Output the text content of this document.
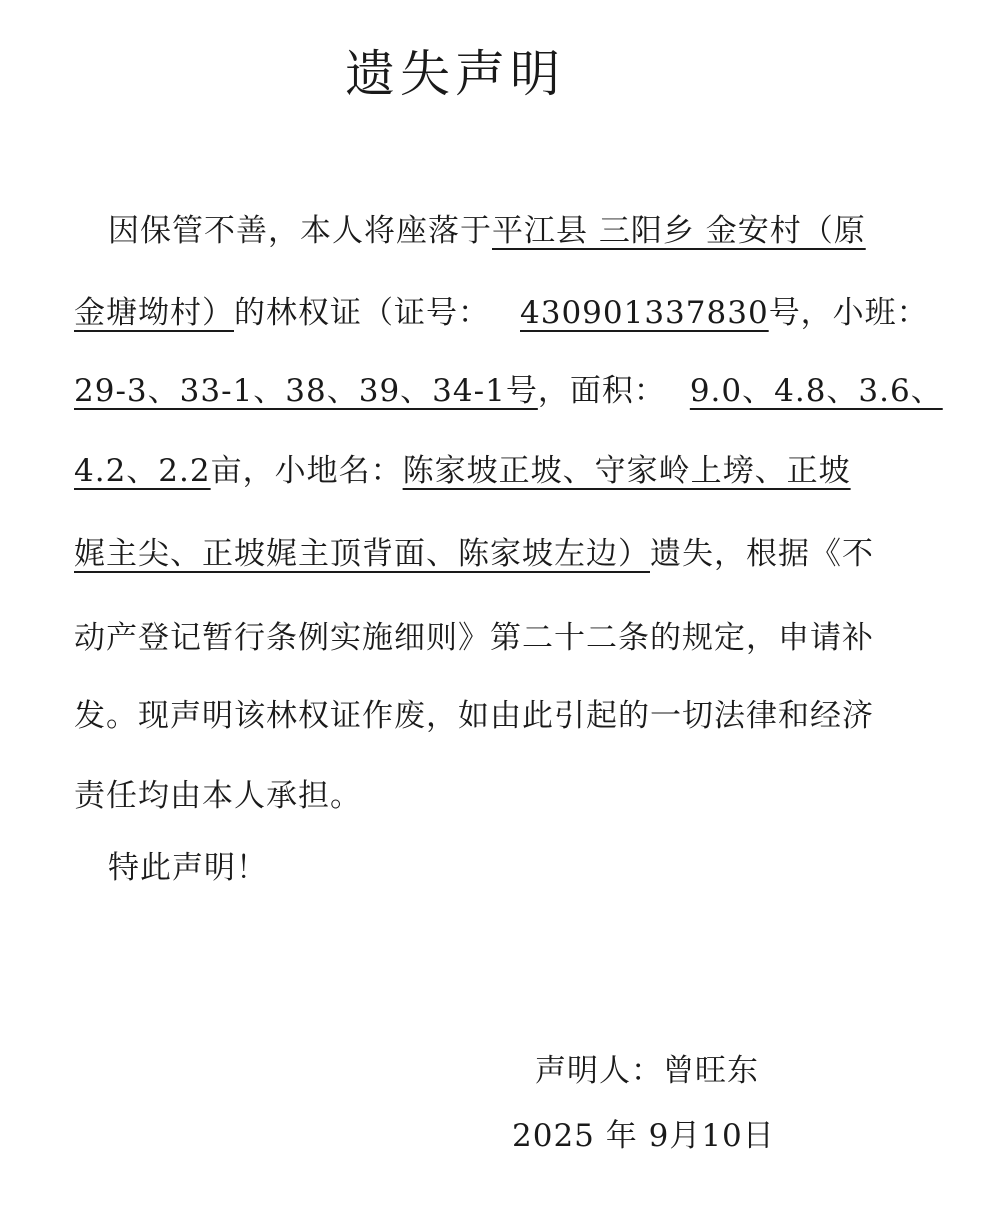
遗失声明
因保管不善，本人将座落于平江县 三阳乡 金安村（原
金塘坳村）的林权证（证号： 430901337830号，小班：
29-3、33-1、38、39、34-1号，面积： 9.0、4.8、3.6、
4.2、2.2亩，小地名：陈家坡正坡、守家岭上塝、正坡
娓主尖、正坡娓主顶背面、陈家坡左边）遗失，根据《不
动产登记暂行条例实施细则》第二十二条的规定，申请补
发。现声明该林权证作废，如由此引起的一切法律和经济
责任均由本人承担。
特此声明！
声明人：曾旺东
2025 年 9月10日
